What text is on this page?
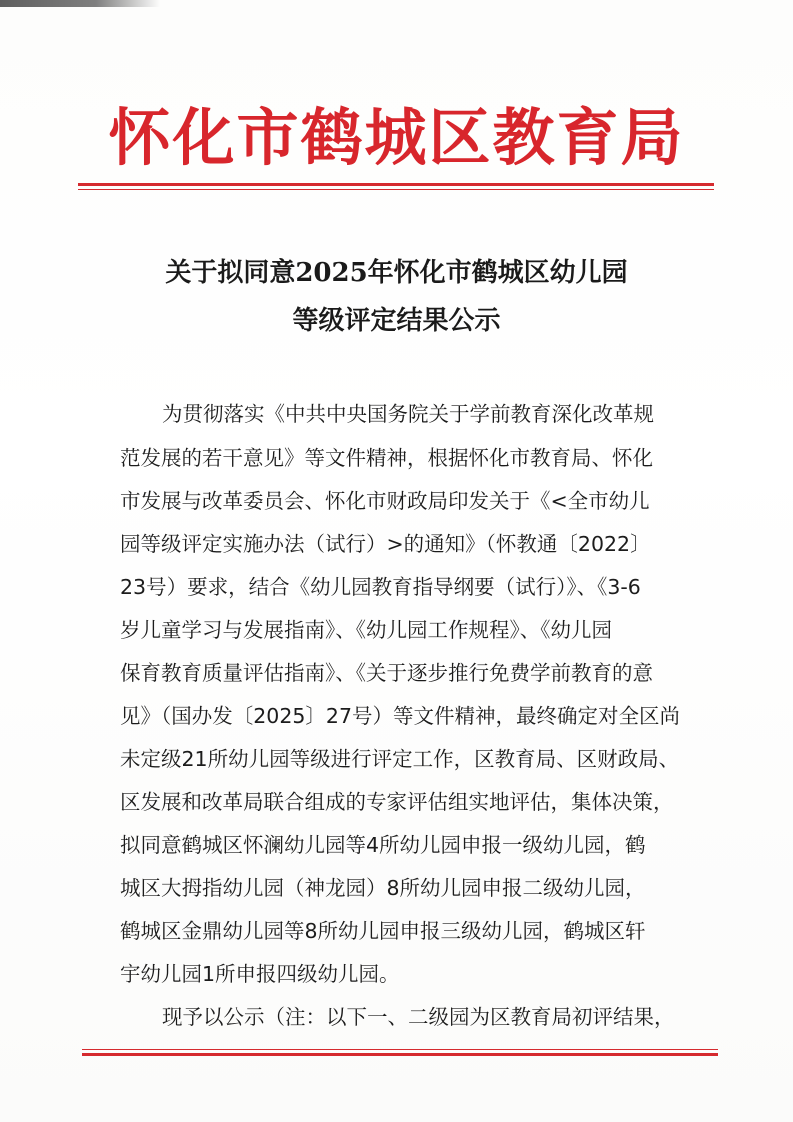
怀化市鹤城区教育局
关于拟同意2025年怀化市鹤城区幼儿园
等级评定结果公示
为贯彻落实《中共中央国务院关于学前教育深化改革规
范发展的若干意见》等文件精神，根据怀化市教育局、怀化
市发展与改革委员会、怀化市财政局印发关于《<全市幼儿
园等级评定实施办法（试行）>的通知》（怀教通〔2022〕
23号）要求，结合《幼儿园教育指导纲要（试行）》、《3-6
岁儿童学习与发展指南》、《幼儿园工作规程》、《幼儿园
保育教育质量评估指南》、《关于逐步推行免费学前教育的意
见》（国办发〔2025〕27号）等文件精神，最终确定对全区尚
未定级21所幼儿园等级进行评定工作，区教育局、区财政局、
区发展和改革局联合组成的专家评估组实地评估，集体决策，
拟同意鹤城区怀澜幼儿园等4所幼儿园申报一级幼儿园，鹤
城区大拇指幼儿园（神龙园）8所幼儿园申报二级幼儿园，
鹤城区金鼎幼儿园等8所幼儿园申报三级幼儿园，鹤城区轩
宇幼儿园1所申报四级幼儿园。
现予以公示（注：以下一、二级园为区教育局初评结果，
